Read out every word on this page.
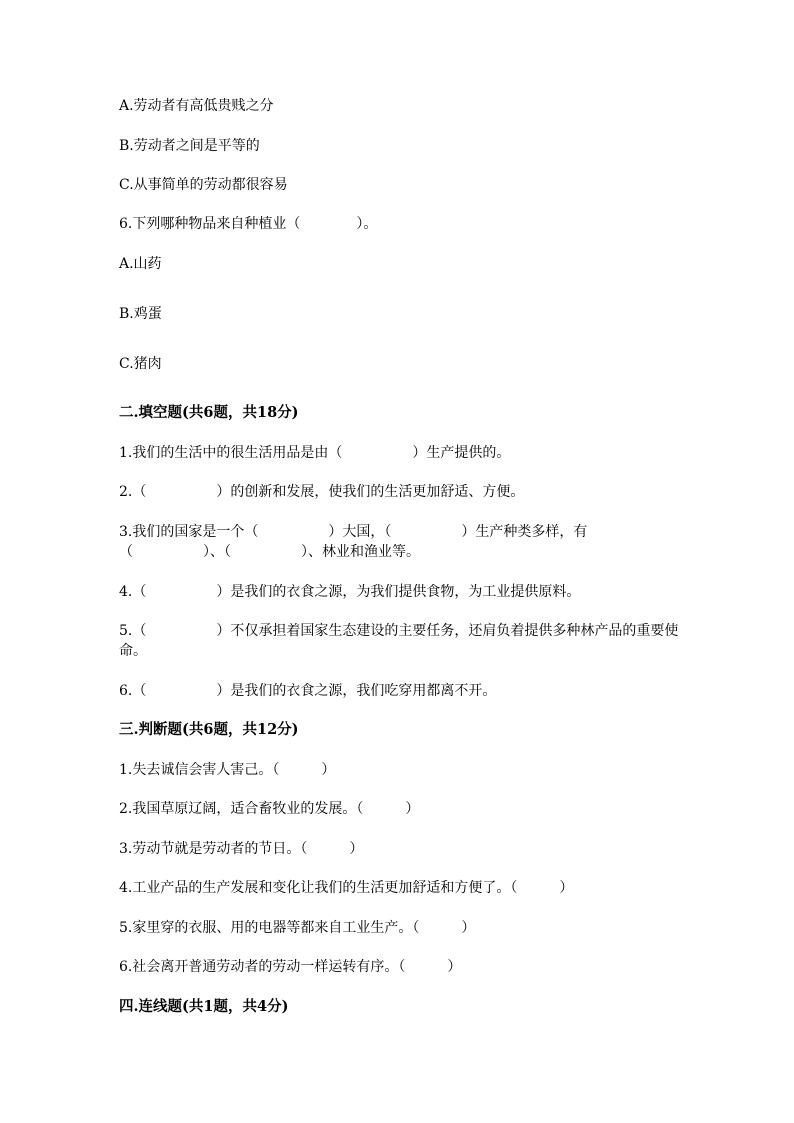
A.劳动者有高低贵贱之分
B.劳动者之间是平等的
C.从事简单的劳动都很容易
6.下列哪种物品来自种植业（　　　　）。
A.山药
B.鸡蛋
C.猪肉
二.填空题(共6题，共18分)
1.我们的生活中的很生活用品是由（　　　　　）生产提供的。
2.（　　　　　）的创新和发展，使我们的生活更加舒适、方便。
3.我们的国家是一个（　　　　　）大国，（　　　　　）生产种类多样，有（　　　　　）、（　　　　　）、林业和渔业等。
4.（　　　　　）是我们的衣食之源，为我们提供食物，为工业提供原料。
5.（　　　　　）不仅承担着国家生态建设的主要任务，还肩负着提供多种林产品的重要使命。
6.（　　　　　）是我们的衣食之源，我们吃穿用都离不开。
三.判断题(共6题，共12分)
1.失去诚信会害人害己。（　　　）
2.我国草原辽阔，适合畜牧业的发展。（　　　）
3.劳动节就是劳动者的节日。（　　　）
4.工业产品的生产发展和变化让我们的生活更加舒适和方便了。（　　　）
5.家里穿的衣服、用的电器等都来自工业生产。（　　　）
6.社会离开普通劳动者的劳动一样运转有序。（　　　）
四.连线题(共1题，共4分)
